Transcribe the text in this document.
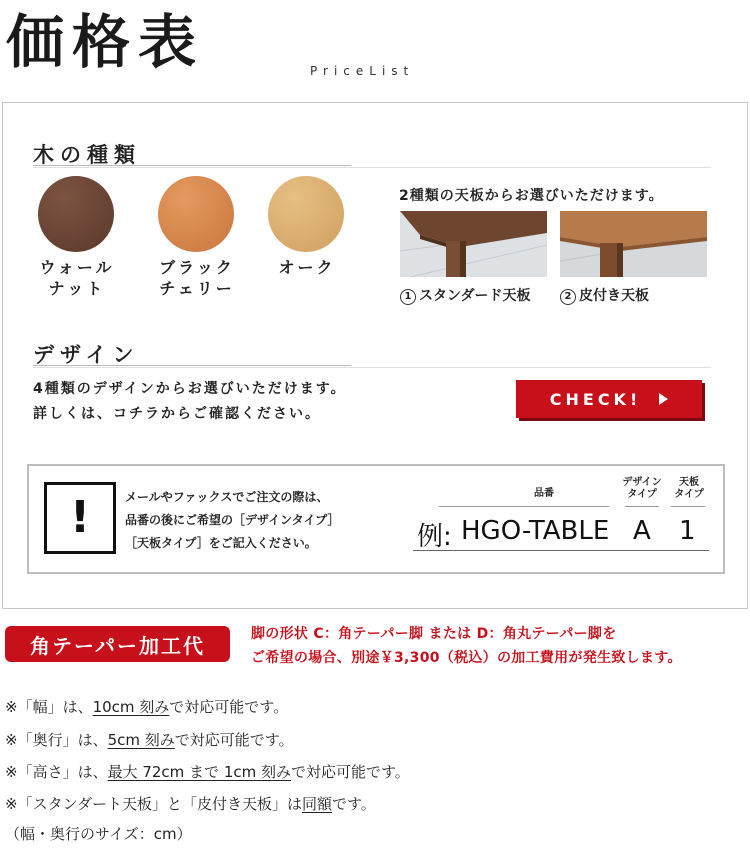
価格表	PriceList
木の種類
ウォール
ナット
ブラック
チェリー
オーク
2種類の天板からお選びいただけます。
1 スタンダード天板	2 皮付き天板
デザイン
4種類のデザインからお選びいただけます。
詳しくは、コチラからご確認ください。
CHECK!
!	メールやファックスでご注文の際は、
品番の後にご希望の［デザインタイプ］
［天板タイプ］をご記入ください。
品番
デザイン
タイプ
天板
タイプ
例: HGO-TABLE A 1
角テーパー加工代	脚の形状 C：角テーパー脚 または D：角丸テーパー脚を
ご希望の場合、別途￥3,300（税込）の加工費用が発生致します。
※「幅」は、10cm 刻みで対応可能です。
※「奥行」は、5cm 刻みで対応可能です。
※「高さ」は、最大 72cm まで 1cm 刻みで対応可能です。
※「スタンダート天板」と「皮付き天板」は同額です。
（幅・奥行のサイズ：cm）
